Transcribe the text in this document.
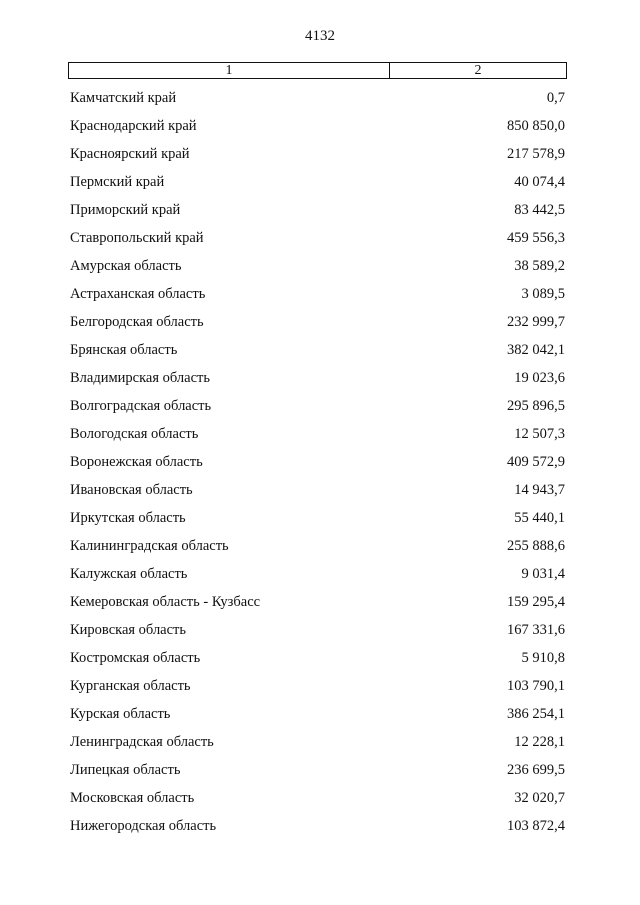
4132
1	2
Камчатский край	0,7
Краснодарский край	850 850,0
Красноярский край	217 578,9
Пермский край	40 074,4
Приморский край	83 442,5
Ставропольский край	459 556,3
Амурская область	38 589,2
Астраханская область	3 089,5
Белгородская область	232 999,7
Брянская область	382 042,1
Владимирская область	19 023,6
Волгоградская область	295 896,5
Вологодская область	12 507,3
Воронежская область	409 572,9
Ивановская область	14 943,7
Иркутская область	55 440,1
Калининградская область	255 888,6
Калужская область	9 031,4
Кемеровская область - Кузбасс	159 295,4
Кировская область	167 331,6
Костромская область	5 910,8
Курганская область	103 790,1
Курская область	386 254,1
Ленинградская область	12 228,1
Липецкая область	236 699,5
Московская область	32 020,7
Нижегородская область	103 872,4
